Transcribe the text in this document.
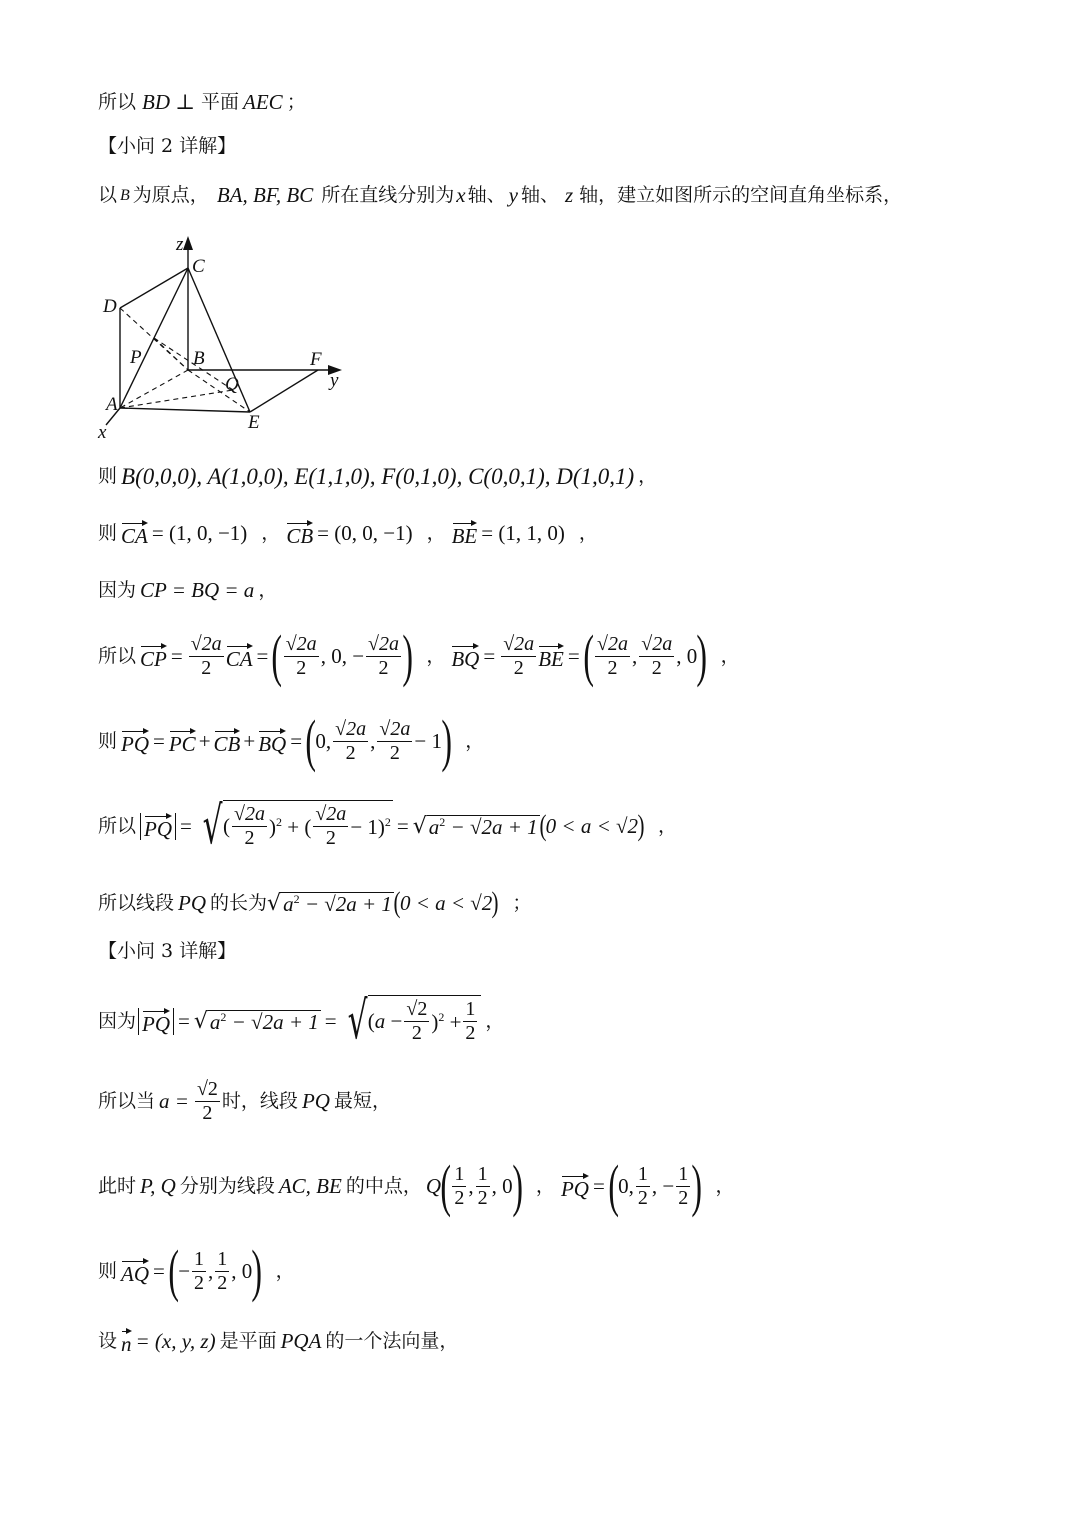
所以 BD ⊥ 平面 AEC ；
【小问 2 详解】
以 B 为原点， BA, BF, BC 所在直线分别为 x 轴、 y 轴、 z 轴，建立如图所示的空间直角坐标系，
z
C
D
P	B	F
y
Q
A
E
x
则 B(0,0,0), A(1,0,0), E(1,1,0), F(0,1,0), C(0,0,1), D(1,0,1) ，
则 CA = (1, 0, −1) ， CB = (0, 0, −1) ， BE = (1, 1, 0) ，
因为 CP = BQ = a ，
所以 CP = $\frac{√2a}{2}$ CA = ( $\frac{√2a}{2}$ , 0, − $\frac{√2a}{2}$ ) ， BQ = $\frac{√2a}{2}$ BE = ( $\frac{√2a}{2}$ , $\frac{√2a}{2}$ , 0 ) ，
则 PQ = PC + CB + BQ = ( 0, $\frac{√2a}{2}$ , $\frac{√2a}{2} - 1$ ) ，
所以 PQ = √ ( $\frac{√2a}{2} )^2$ + ( $\frac{√2a}{2} - 1)^2$ = √ $a^2 - √2a + 1$ ( 0 < a < √2 ) ，
所以线段 PQ 的长为 √ $a^2 - √2a + 1$ ( 0 < a < √2 ) ；
【小问 3 详解】
因为 PQ = √ $a^2 - √2a + 1$ = √ $(a - \frac{√2}{2} )^2 + \frac{1}{2}$ ，
所以当 $a = \frac{√2}{2}$ 时，线段 PQ 最短，
此时 P, Q 分别为线段 AC, BE 的中点， Q ( $\frac{1}{2}$ , $\frac{1}{2}$ , 0 ) ， PQ = ( 0, $\frac{1}{2}$ , − $\frac{1}{2}$ ) ，
则 AQ = ( − $\frac{1}{2}$ , $\frac{1}{2}$ , 0 ) ，
设 n = (x, y, z) 是平面 PQA 的一个法向量，
